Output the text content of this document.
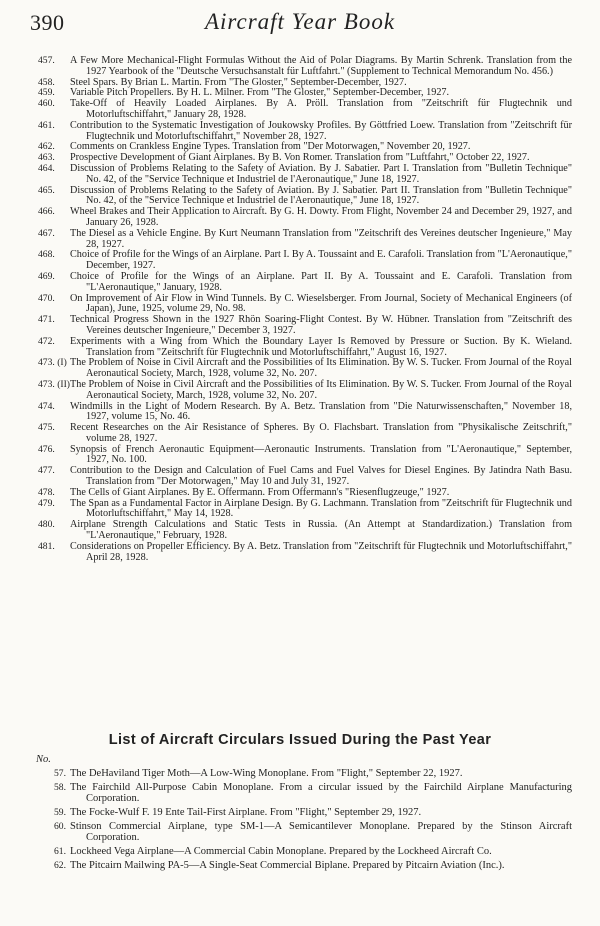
390	Aircraft Year Book
457.	A Few More Mechanical-Flight Formulas Without the Aid of Polar Diagrams. By Martin Schrenk. Translation from the 1927 Yearbook of the "Deutsche Versuchsanstalt für Luftfahrt." (Supplement to Technical Memorandum No. 456.)
458.	Steel Spars. By Brian L. Martin. From "The Gloster," September-December, 1927.
459.	Variable Pitch Propellers. By H. L. Milner. From "The Gloster," September-December, 1927.
460.	Take-Off of Heavily Loaded Airplanes. By A. Pröll. Translation from "Zeitschrift für Flugtechnik und Motorluftschiffahrt," January 28, 1928.
461.	Contribution to the Systematic Investigation of Joukowsky Profiles. By Göttfried Loew. Translation from "Zeitschrift für Flugtechnik und Motorluftschiffahrt," November 28, 1927.
462.	Comments on Crankless Engine Types. Translation from "Der Motorwagen," November 20, 1927.
463.	Prospective Development of Giant Airplanes. By B. Von Romer. Translation from "Luftfahrt," October 22, 1927.
464.	Discussion of Problems Relating to the Safety of Aviation. By J. Sabatier. Part I. Translation from "Bulletin Technique" No. 42, of the "Service Technique et Industriel de l'Aeronautique," June 18, 1927.
465.	Discussion of Problems Relating to the Safety of Aviation. By J. Sabatier. Part II. Translation from "Bulletin Technique" No. 42, of the "Service Technique et Industriel de l'Aeronautique," June 18, 1927.
466.	Wheel Brakes and Their Application to Aircraft. By G. H. Dowty. From Flight, November 24 and December 29, 1927, and January 26, 1928.
467.	The Diesel as a Vehicle Engine. By Kurt Neumann Translation from "Zeitschrift des Vereines deutscher Ingenieure," May 28, 1927.
468.	Choice of Profile for the Wings of an Airplane. Part I. By A. Toussaint and E. Carafoli. Translation from "L'Aeronautique," December, 1927.
469.	Choice of Profile for the Wings of an Airplane. Part II. By A. Toussaint and E. Carafoli. Translation from "L'Aeronautique," January, 1928.
470.	On Improvement of Air Flow in Wind Tunnels. By C. Wieselsberger. From Journal, Society of Mechanical Engineers (of Japan), June, 1925, volume 29, No. 98.
471.	Technical Progress Shown in the 1927 Rhön Soaring-Flight Contest. By W. Hübner. Translation from "Zeitschrift des Vereines deutscher Ingenieure," December 3, 1927.
472.	Experiments with a Wing from Which the Boundary Layer Is Removed by Pressure or Suction. By K. Wieland. Translation from "Zeitschrift für Flugtechnik und Motorluftschiffahrt," August 16, 1927.
473. (I) The Problem of Noise in Civil Aircraft and the Possibilities of Its Elimination. By W. S. Tucker. From Journal of the Royal Aeronautical Society, March, 1928, volume 32, No. 207.
473. (II) The Problem of Noise in Civil Aircraft and the Possibilities of Its Elimination. By W. S. Tucker. From Journal of the Royal Aeronautical Society, March, 1928, volume 32, No. 207.
474.	Windmills in the Light of Modern Research. By A. Betz. Translation from "Die Naturwissenschaften," November 18, 1927, volume 15, No. 46.
475.	Recent Researches on the Air Resistance of Spheres. By O. Flachsbart. Translation from "Physikalische Zeitschrift," volume 28, 1927.
476.	Synopsis of French Aeronautic Equipment—Aeronautic Instruments. Translation from "L'Aeronautique," September, 1927, No. 100.
477.	Contribution to the Design and Calculation of Fuel Cams and Fuel Valves for Diesel Engines. By Jatindra Nath Basu. Translation from "Der Motorwagen," May 10 and July 31, 1927.
478.	The Cells of Giant Airplanes. By E. Offermann. From Offermann's "Riesenflugzeuge," 1927.
479.	The Span as a Fundamental Factor in Airplane Design. By G. Lachmann. Translation from "Zeitschrift für Flugtechnik und Motorluftschiffahrt," May 14, 1928.
480.	Airplane Strength Calculations and Static Tests in Russia. (An Attempt at Standardization.) Translation from "L'Aeronautique," February, 1928.
481.	Considerations on Propeller Efficiency. By A. Betz. Translation from "Zeitschrift für Flugtechnik und Motorluftschiffahrt," April 28, 1928.
List of Aircraft Circulars Issued During the Past Year
No.
57. The DeHaviland Tiger Moth—A Low-Wing Monoplane. From "Flight," September 22, 1927.
58. The Fairchild All-Purpose Cabin Monoplane. From a circular issued by the Fairchild Airplane Manufacturing Corporation.
59. The Focke-Wulf F. 19 Ente Tail-First Airplane. From "Flight," September 29, 1927.
60. Stinson Commercial Airplane, type SM-1—A Semicantilever Monoplane. Prepared by the Stinson Aircraft Corporation.
61. Lockheed Vega Airplane—A Commercial Cabin Monoplane. Prepared by the Lockheed Aircraft Co.
62. The Pitcairn Mailwing PA-5—A Single-Seat Commercial Biplane. Prepared by Pitcairn Aviation (Inc.).
